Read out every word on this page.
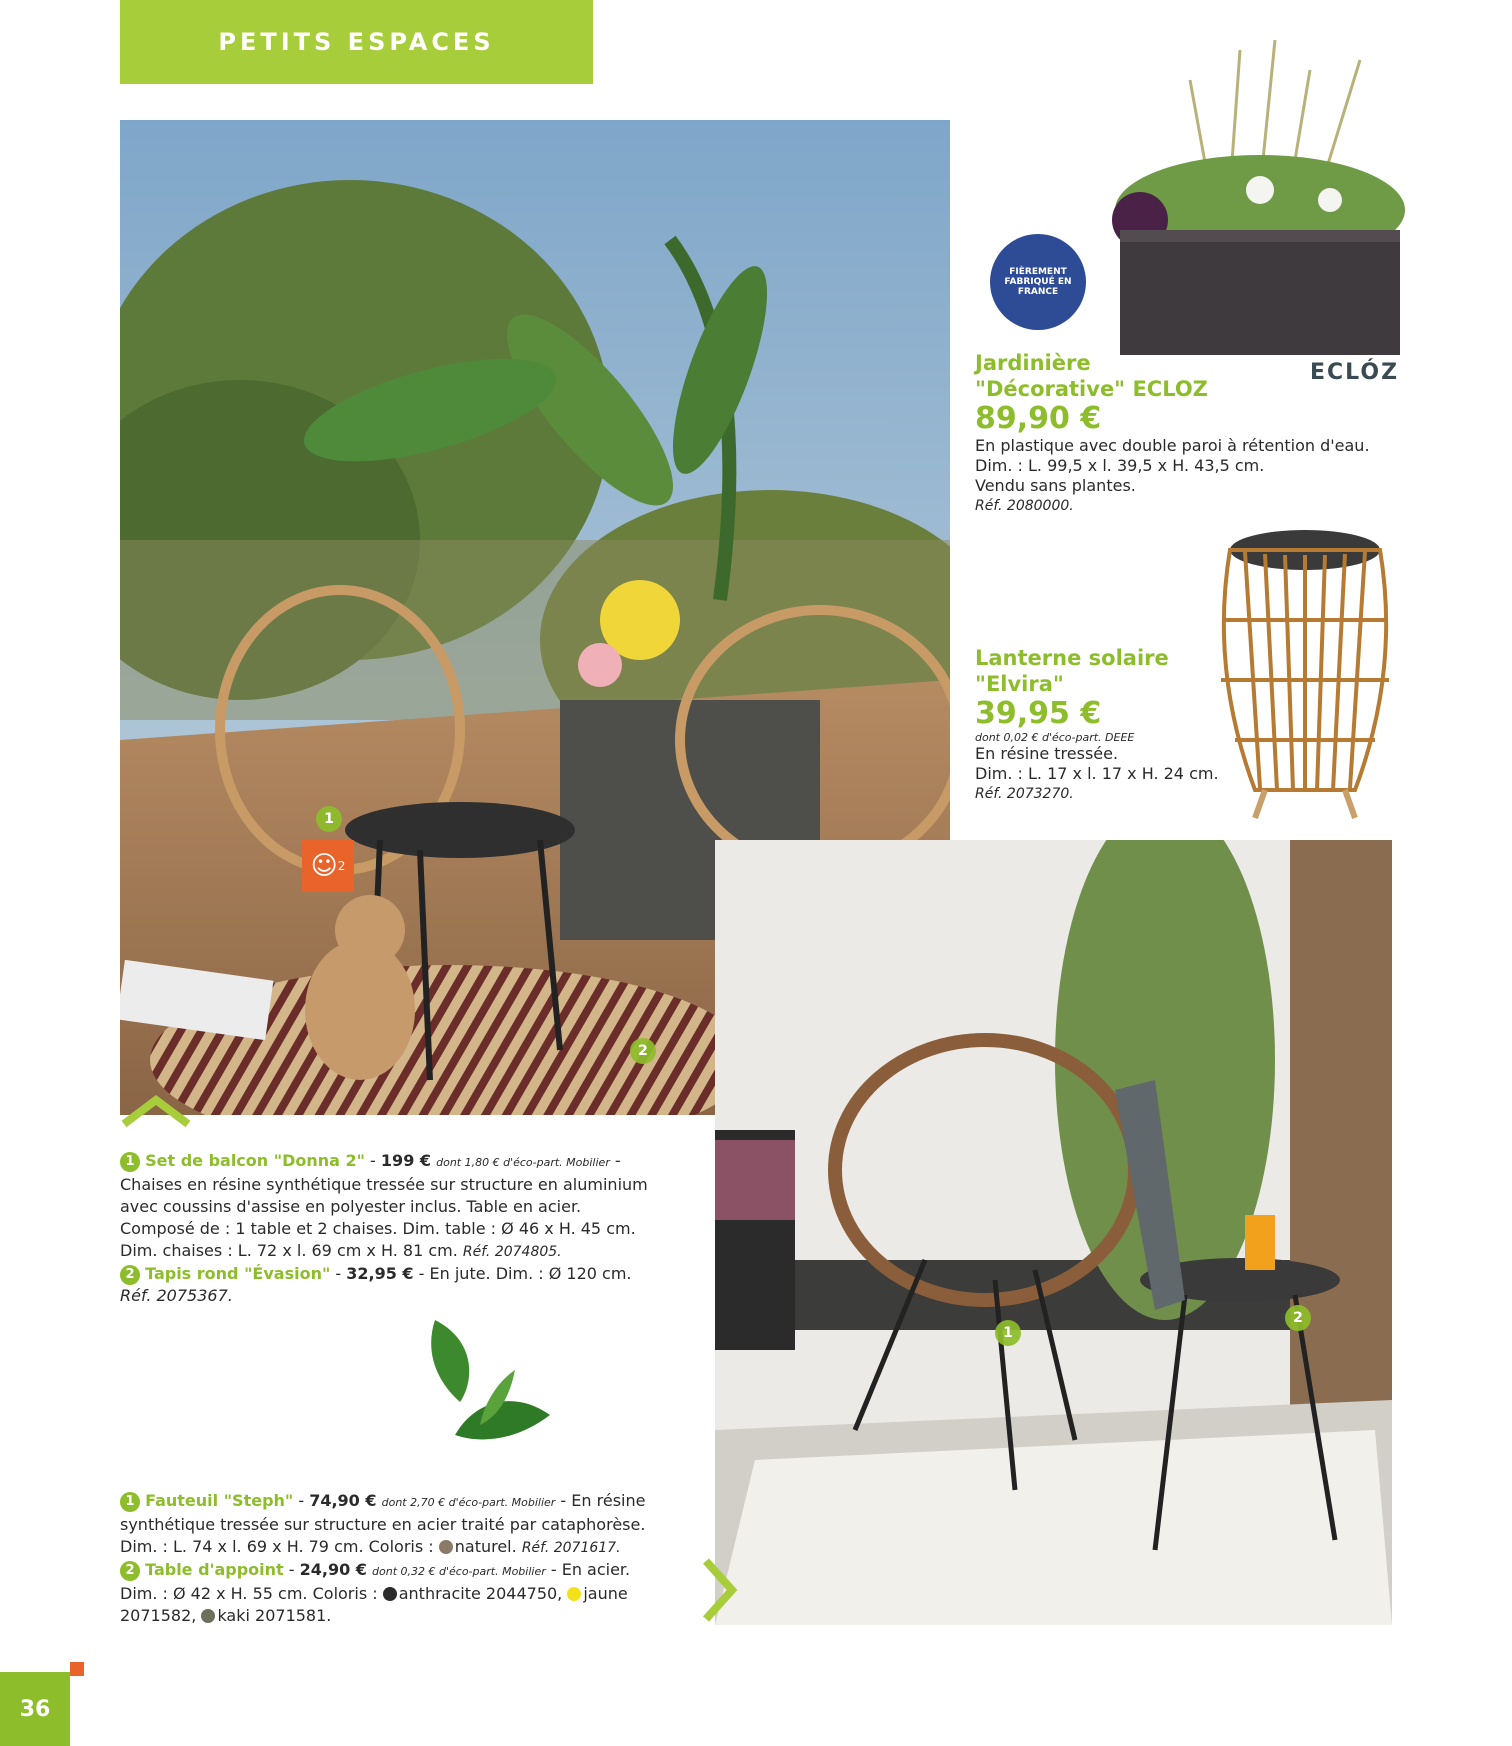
PETITS ESPACES
1
2
☺ 2
FIÈREMENT FABRIQUÉ EN FRANCE
ECLÓZ
Jardinière
"Décorative" ECLOZ
89,90 €
En plastique avec double paroi à rétention d'eau.
Dim. : L. 99,5 x l. 39,5 x H. 43,5 cm.
Vendu sans plantes.
Réf. 2080000.
Lanterne solaire
"Elvira"
39,95 €
dont 0,02 € d'éco-part. DEEE
En résine tressée.
Dim. : L. 17 x l. 17 x H. 24 cm.
Réf. 2073270.
1
2
1 Set de balcon "Donna 2" - 199 € dont 1,80 € d'éco-part. Mobilier -
Chaises en résine synthétique tressée sur structure en aluminium
avec coussins d'assise en polyester inclus. Table en acier.
Composé de : 1 table et 2 chaises. Dim. table : Ø 46 x H. 45 cm.
Dim. chaises : L. 72 x l. 69 cm x H. 81 cm. Réf. 2074805.
2 Tapis rond "Évasion" - 32,95 € - En jute. Dim. : Ø 120 cm.
Réf. 2075367.
1 Fauteuil "Steph" - 74,90 € dont 2,70 € d'éco-part. Mobilier - En résine
synthétique tressée sur structure en acier traité par cataphorèse.
Dim. : L. 74 x l. 69 x H. 79 cm. Coloris : naturel. Réf. 2071617.
2 Table d'appoint - 24,90 € dont 0,32 € d'éco-part. Mobilier - En acier.
Dim. : Ø 42 x H. 55 cm. Coloris : anthracite 2044750, jaune
2071582, kaki 2071581.
36
